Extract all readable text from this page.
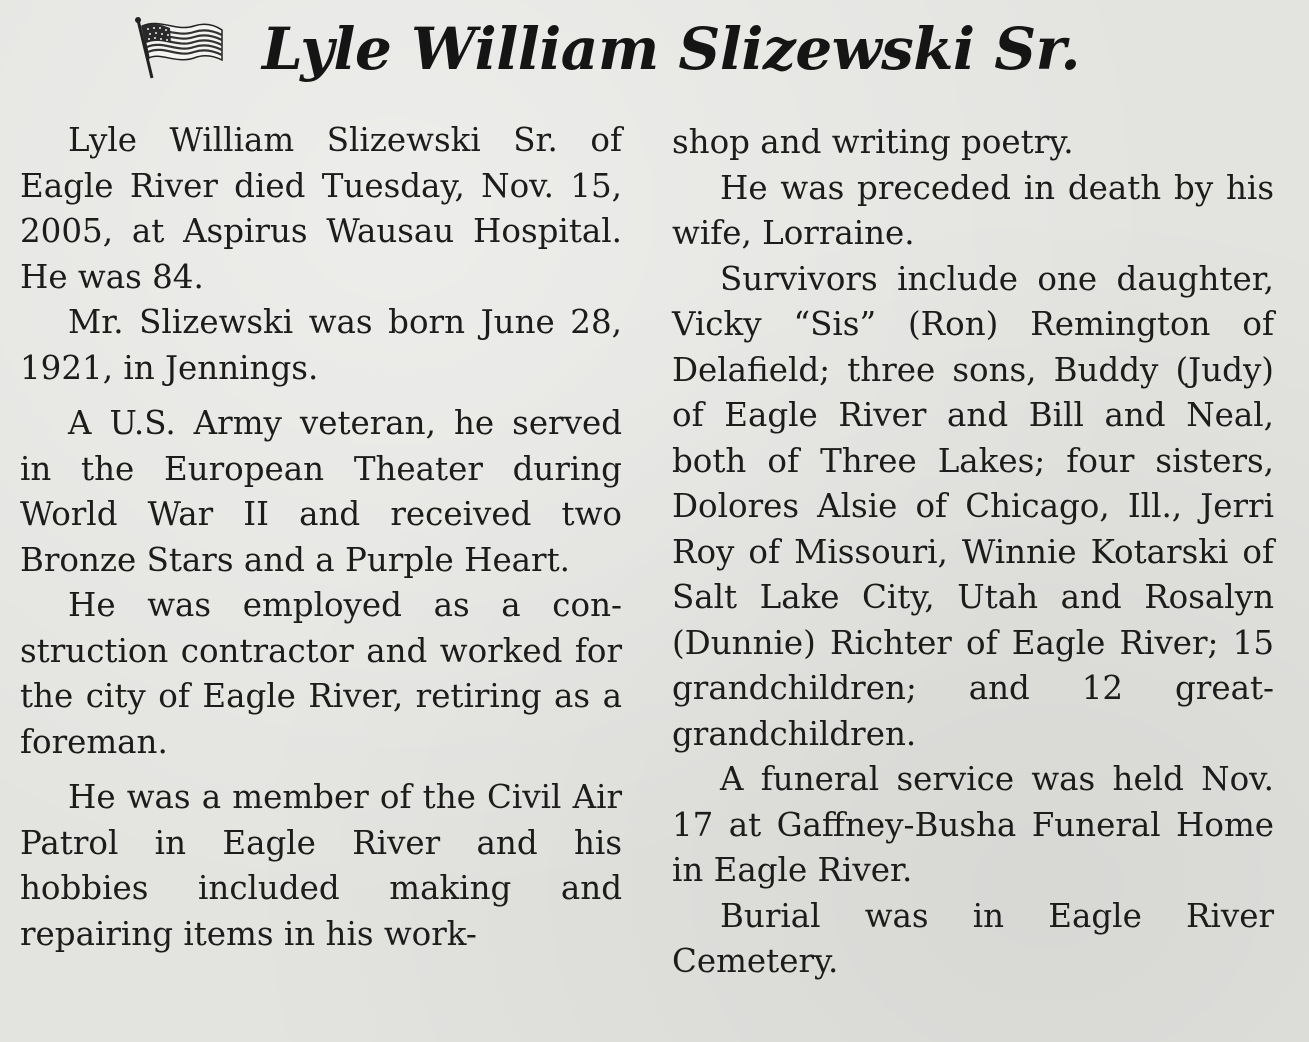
Lyle William Slizewski Sr.

Lyle William Slizewski Sr. of Eagle River died Tuesday, Nov. 15, 2005, at Aspirus Wausau Hospital. He was 84.

Mr. Slizewski was born June 28, 1921, in Jennings.

A U.S. Army veteran, he served in the European Theater during World War II and received two Bronze Stars and a Purple Heart.

He was employed as a construction contractor and worked for the city of Eagle River, retiring as a foreman.

He was a member of the Civil Air Patrol in Eagle River and his hobbies included making and repairing items in his work-

shop and writing poetry.

He was preceded in death by his wife, Lorraine.

Survivors include one daughter, Vicky “Sis” (Ron) Remington of Delafield; three sons, Buddy (Judy) of Eagle River and Bill and Neal, both of Three Lakes; four sisters, Dolores Alsie of Chicago, Ill., Jerri Roy of Missouri, Winnie Kotarski of Salt Lake City, Utah and Rosalyn (Dunnie) Richter of Eagle River; 15 grandchildren; and 12 great-grandchildren.

A funeral service was held Nov. 17 at Gaffney-Busha Funeral Home in Eagle River.

Burial was in Eagle River Cemetery.
